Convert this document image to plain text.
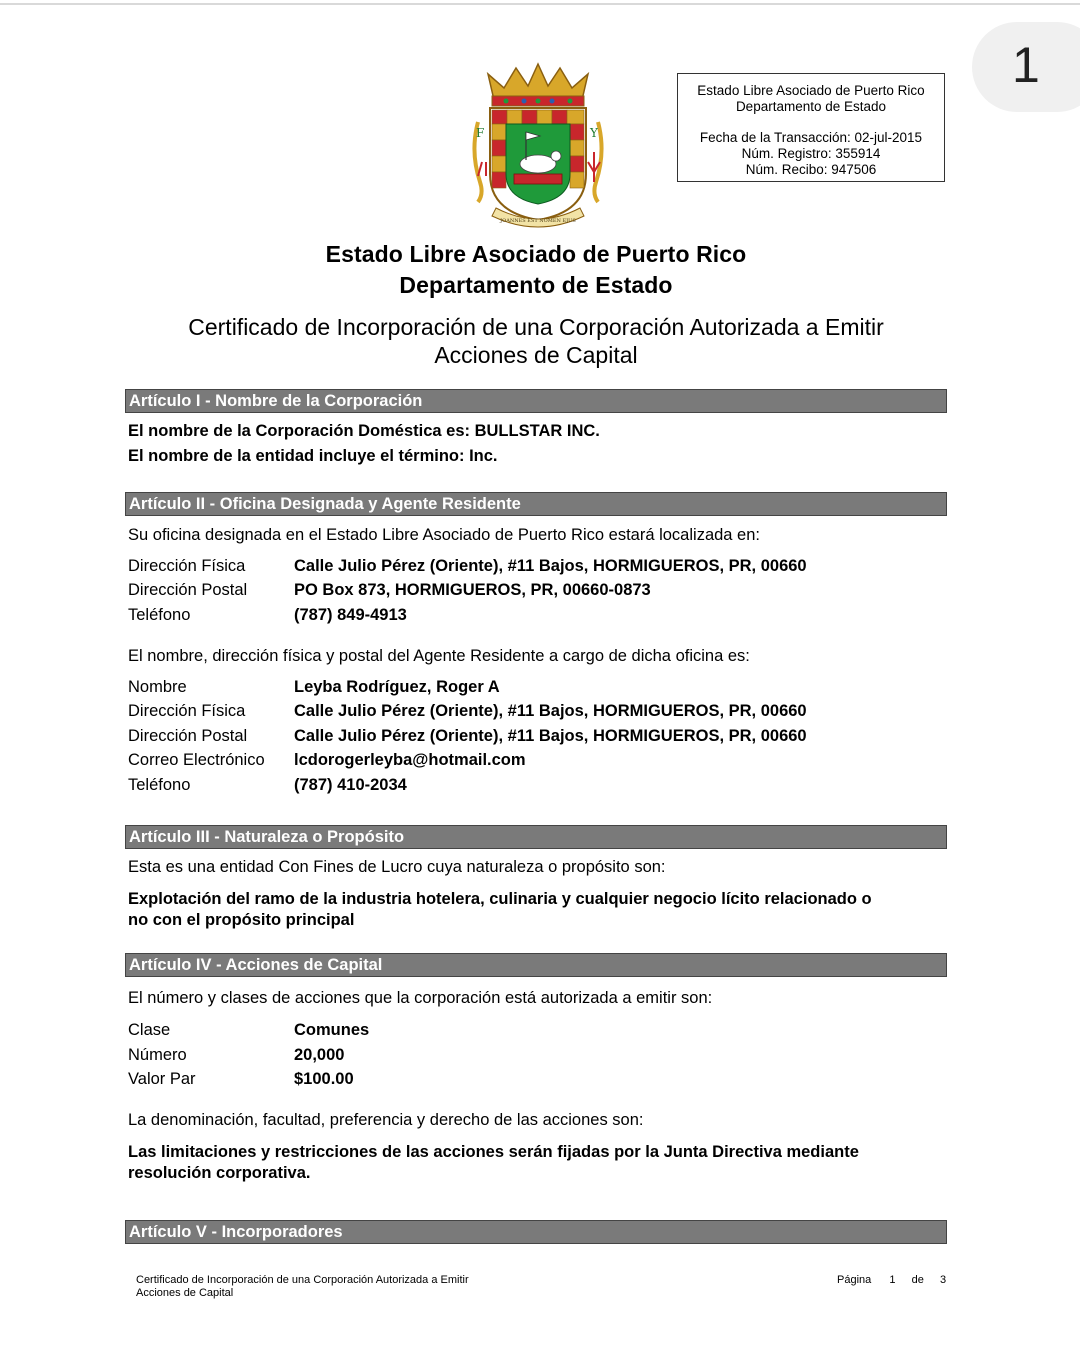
1
F	Y
JOANNES EST NOMEN EJUS
Estado Libre Asociado de Puerto Rico
Departamento de Estado
Fecha de la Transacción: 02-jul-2015
Núm. Registro: 355914
Núm. Recibo: 947506
Estado Libre Asociado de Puerto Rico
Departamento de Estado
Certificado de Incorporación de una Corporación Autorizada a Emitir
Acciones de Capital
Artículo I - Nombre de la Corporación
El nombre de la Corporación Doméstica es: BULLSTAR INC.
El nombre de la entidad incluye el término: Inc.
Artículo II - Oficina Designada y Agente Residente
Su oficina designada en el Estado Libre Asociado de Puerto Rico estará localizada en:
Dirección Física	Calle Julio Pérez (Oriente), #11 Bajos, HORMIGUEROS, PR, 00660
Dirección Postal	PO Box 873, HORMIGUEROS, PR, 00660-0873
Teléfono	(787) 849-4913
El nombre, dirección física y postal del Agente Residente a cargo de dicha oficina es:
Nombre	Leyba Rodríguez, Roger A
Dirección Física	Calle Julio Pérez (Oriente), #11 Bajos, HORMIGUEROS, PR, 00660
Dirección Postal	Calle Julio Pérez (Oriente), #11 Bajos, HORMIGUEROS, PR, 00660
Correo Electrónico lcdorogerleyba@hotmail.com
Teléfono	(787) 410-2034
Artículo III - Naturaleza o Propósito
Esta es una entidad Con Fines de Lucro cuya naturaleza o propósito son:
Explotación del ramo de la industria hotelera, culinaria y cualquier negocio lícito relacionado o
no con el propósito principal
Artículo IV - Acciones de Capital
El número y clases de acciones que la corporación está autorizada a emitir son:
Clase	Comunes
Número	20,000
Valor Par	$100.00
La denominación, facultad, preferencia y derecho de las acciones son:
Las limitaciones y restricciones de las acciones serán fijadas por la Junta Directiva mediante
resolución corporativa.
Artículo V - Incorporadores
Certificado de Incorporación de una Corporación Autorizada a Emitir
Acciones de Capital
Página 1 de 3
